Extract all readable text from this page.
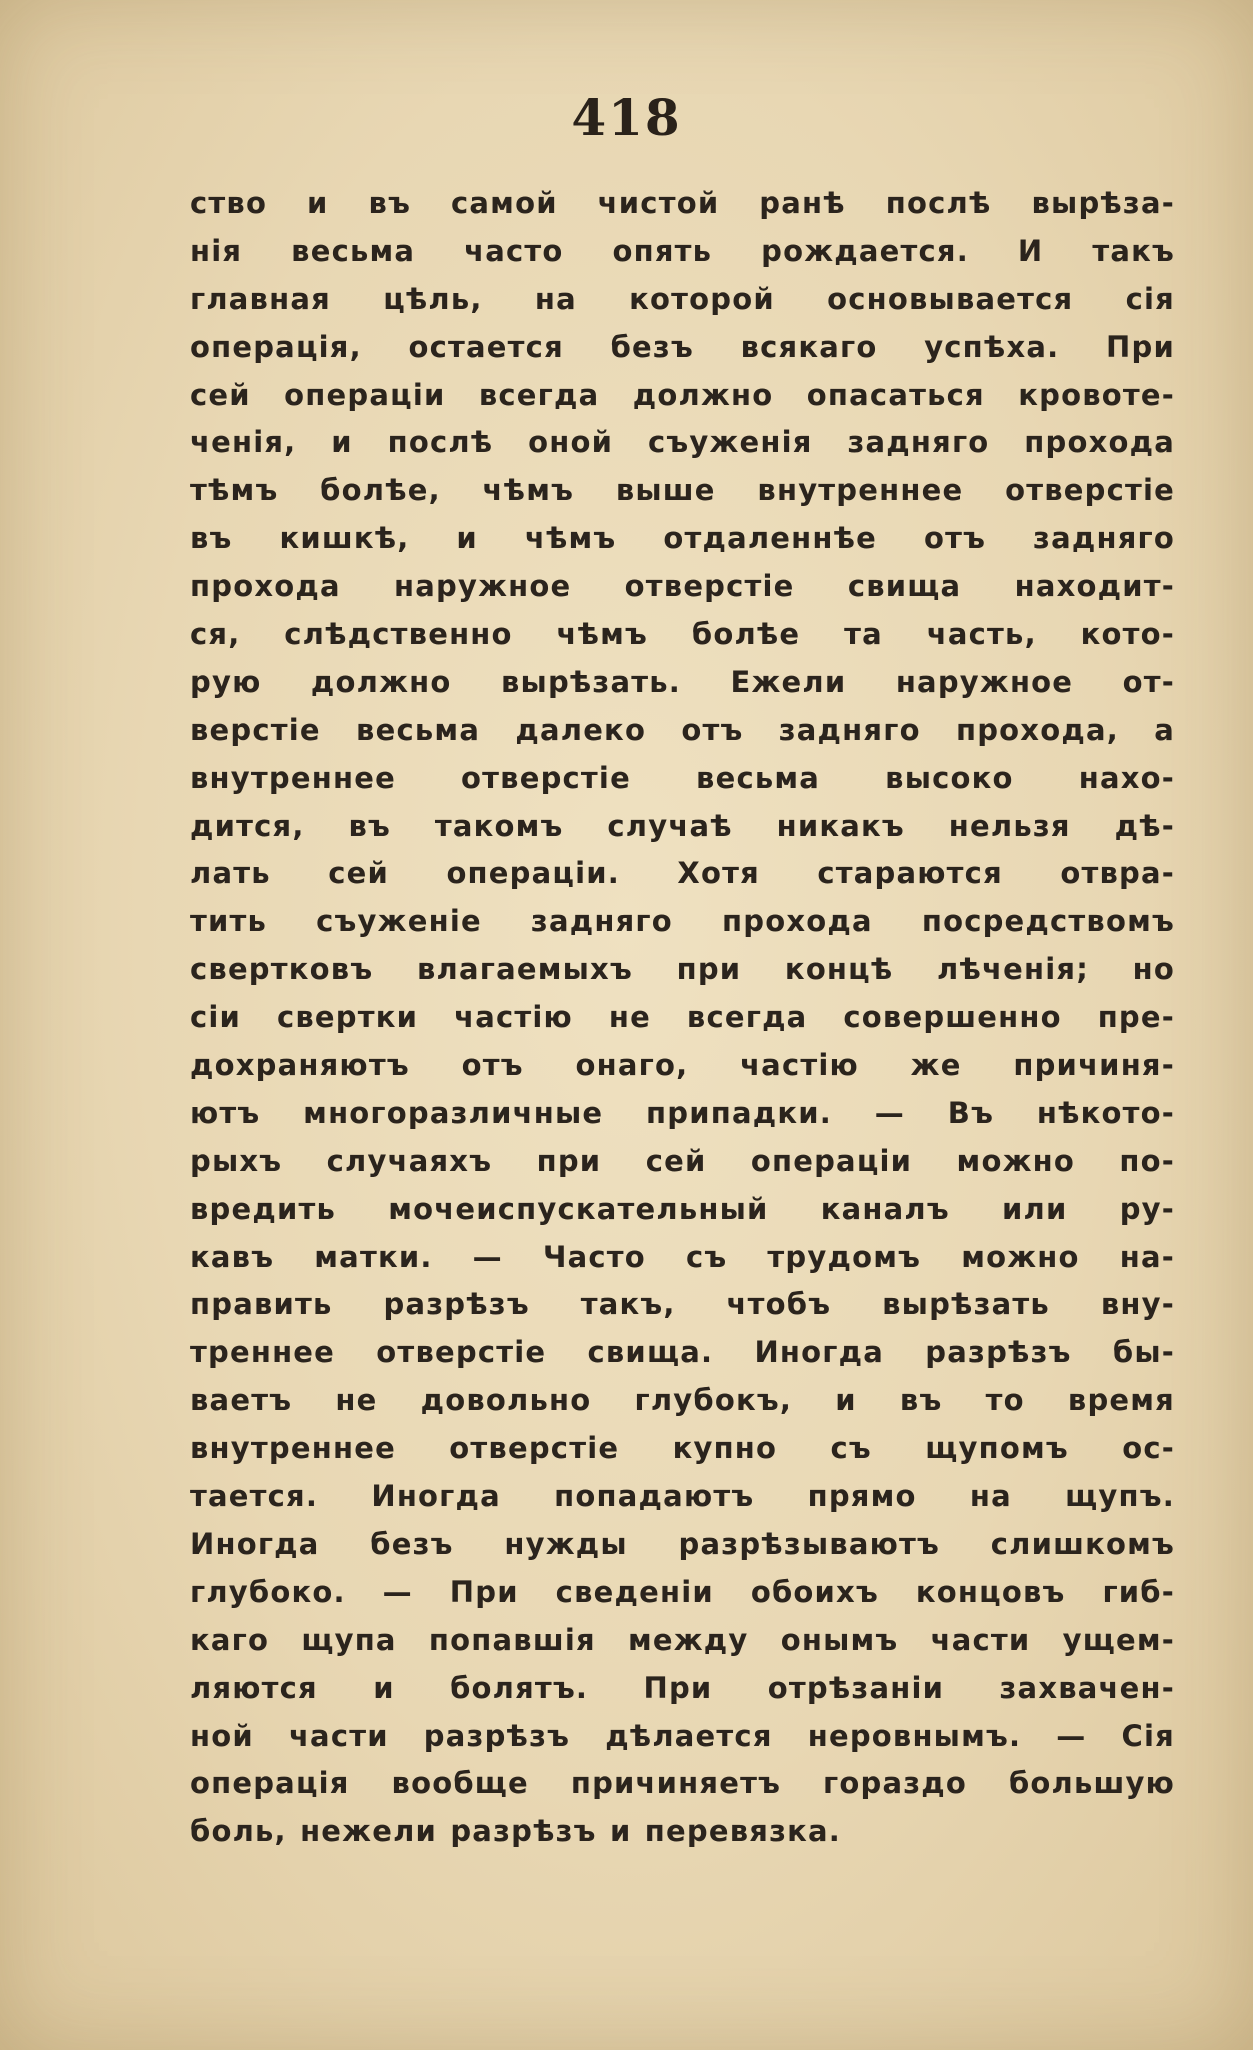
418
ство и въ самой чистой ранѣ послѣ вырѣза-
нія весьма часто опять рождается. И такъ
главная цѣль, на которой основывается сія
операція, остается безъ всякаго успѣха. При
сей операціи всегда должно опасаться кровоте-
ченія, и послѣ оной съуженія задняго прохода
тѣмъ болѣе, чѣмъ выше внутреннее отверстіе
въ кишкѣ, и чѣмъ отдаленнѣе отъ задняго
прохода наружное отверстіе свища находит-
ся, слѣдственно чѣмъ болѣе та часть, кото-
рую должно вырѣзать. Ежели наружное от-
верстіе весьма далеко отъ задняго прохода, а
внутреннее отверстіе весьма высоко нахо-
дится, въ такомъ случаѣ никакъ нельзя дѣ-
лать сей операціи. Хотя стараются отвра-
тить съуженіе задняго прохода посредствомъ
свертковъ влагаемыхъ при концѣ лѣченія; но
сіи свертки частію не всегда совершенно пре-
дохраняютъ отъ онаго, частію же причиня-
ютъ многоразличные припадки. — Въ нѣкото-
рыхъ случаяхъ при сей операціи можно по-
вредить мочеиспускательный каналъ или ру-
кавъ матки. — Часто съ трудомъ можно на-
править разрѣзъ такъ, чтобъ вырѣзать вну-
треннее отверстіе свища. Иногда разрѣзъ бы-
ваетъ не довольно глубокъ, и въ то время
внутреннее отверстіе купно съ щупомъ ос-
тается. Иногда попадаютъ прямо на щупъ.
Иногда безъ нужды разрѣзываютъ слишкомъ
глубоко. — При сведеніи обоихъ концовъ гиб-
каго щупа попавшія между онымъ части ущем-
ляются и болятъ. При отрѣзаніи захвачен-
ной части разрѣзъ дѣлается неровнымъ. — Сія
операція вообще причиняетъ гораздо большую
боль, нежели разрѣзъ и перевязка.
